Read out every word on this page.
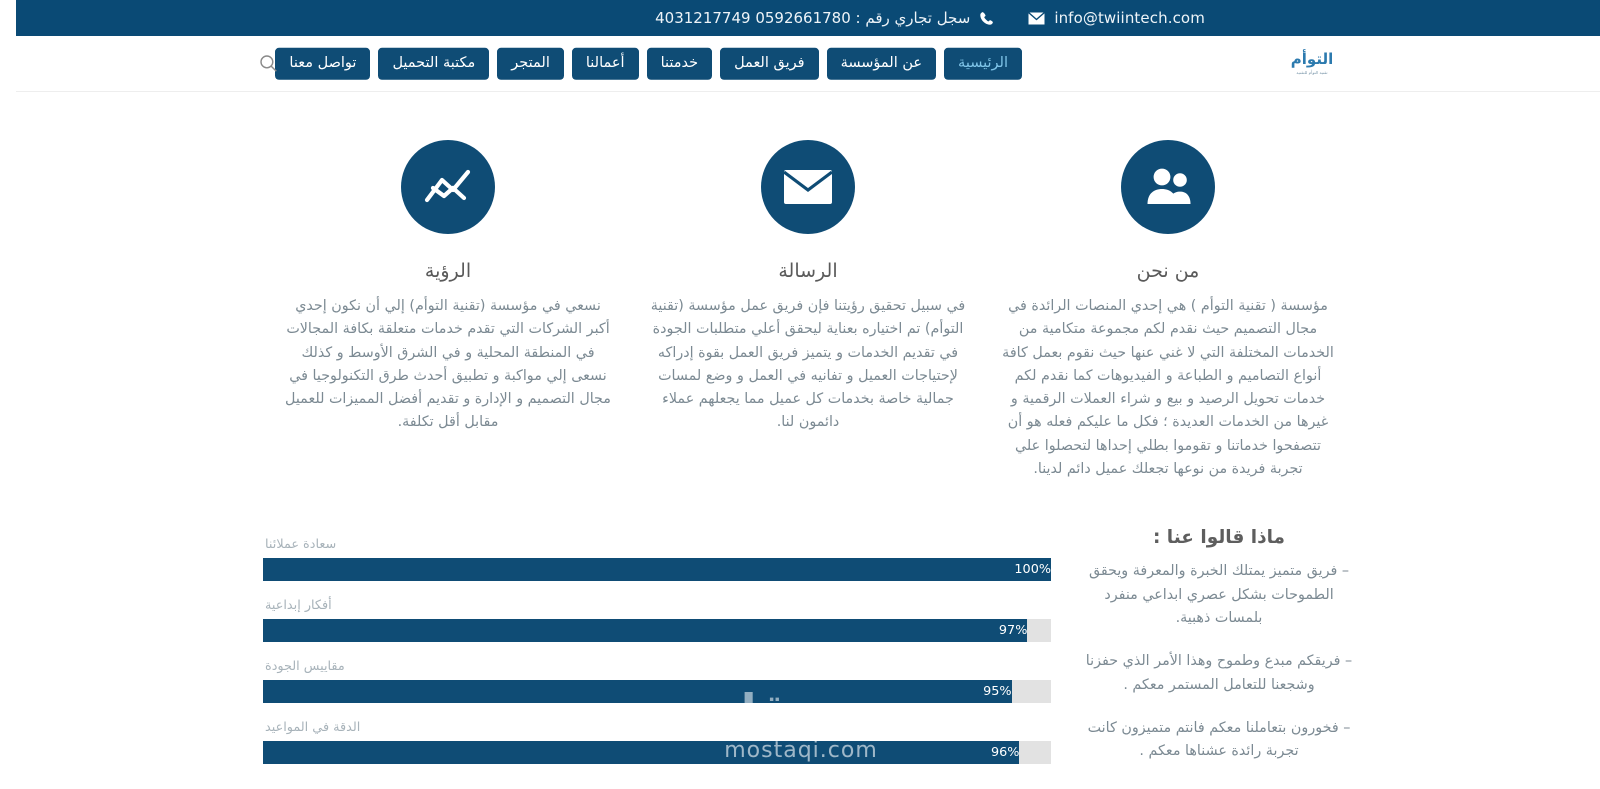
info@twiintech.com
سجل تجاري رقم : 0592661780 4031217749
التوأم
تقنية التوأم للتقنية
الرئيسية
عن المؤسسة
فريق العمل
خدمتنا
أعمالنا
المتجر
مكتبة التحميل
تواصل معنا
من نحن
مؤسسة ( تقنية التوأم ) هي إحدي المنصات الرائدة في مجال التصميم حيث نقدم لكم مجموعة متكامية من الخدمات المختلفة التي لا غني عنها حيث نقوم بعمل كافة أنواع التصاميم و الطباعة و الفيديوهات كما نقدم لكم خدمات تحويل الرصيد و بيع و شراء العملات الرقمية و غيرها من الخدمات العديدة ؛ فكل ما عليكم فعله هو أن تتصفحوا خدماتنا و تقوموا بطلي إحداها لتحصلوا علي تجربة فريدة من نوعها تجعلك عميل دائم لدينا.
الرسالة
في سبيل تحقيق رؤيتنا فإن فريق عمل مؤسسة (تقنية التوأم) تم اختياره بعناية ليحقق أعلي متطلبات الجودة في تقديم الخدمات و يتميز فريق العمل بقوة إدراكه لإحتياجات العميل و تفانيه في العمل و وضع لمسات جمالية خاصة بخدمات كل عميل مما يجعلهم عملاء دائمون لنا.
الرؤية
نسعي في مؤسسة (تقنية التوأم) إلي أن نكون إحدي أكبر الشركات التي تقدم خدمات متعلقة بكافة المجالات في المنطقة المحلية و في الشرق الأوسط و كذلك نسعى إلي مواكبة و تطبيق أحدث طرق التكنولوجيا في مجال التصميم و الإدارة و تقديم أفضل المميزات للعميل مقابل أقل تكلفة.
ماذا قالوا عنا :
– فريق متميز يمتلك الخبرة والمعرفة ويحقق الطموحات بشكل عصري ابداعي منفرد بلمسات ذهبية.
– فريقكم مبدع وطموح وهذا الأمر الذي حفزنا وشجعنا للتعامل المستمر معكم .
– فخورون بتعاملنا معكم فانتم متميزون كانت تجربة رائدة عشناها معكم .
سعادة عملائنا
100%
أفكار إبداعية
97%
مقاييس الجودة
95%
الدقة في المواعيد
96%
مستقل
mostaqi.com
